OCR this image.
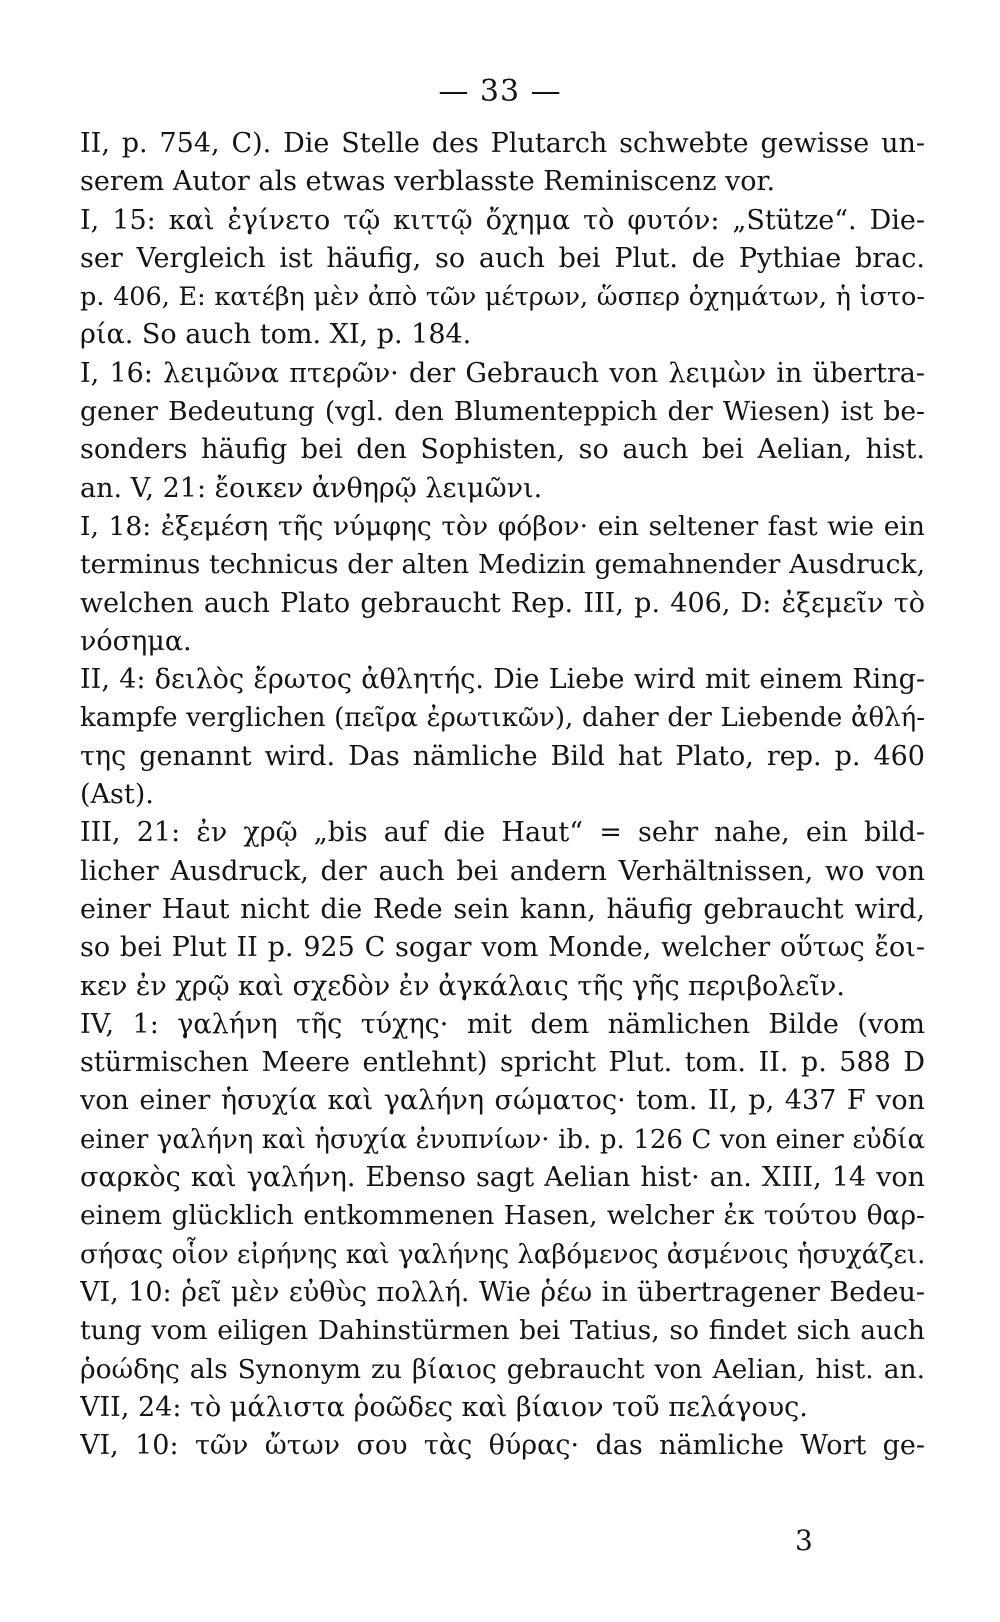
— 33 —
II, p. 754, C). Die Stelle des Plutarch schwebte gewisse un-
serem Autor als etwas verblasste Reminiscenz vor.
I, 15: καὶ ἐγίνετο τῷ κιττῷ ὄχημα τὸ φυτόν: „Stütze“. Die-
ser Vergleich ist häufig, so auch bei Plut. de Pythiae brac.
p. 406, E: κατέβη μὲν ἀπὸ τῶν μέτρων, ὥσπερ ὀχημάτων, ἡ ἱστο-
ρία. So auch tom. XI, p. 184.
I, 16: λειμῶνα πτερῶν· der Gebrauch von λειμὼν in übertra-
gener Bedeutung (vgl. den Blumenteppich der Wiesen) ist be-
sonders häufig bei den Sophisten, so auch bei Aelian, hist.
an. V, 21: ἔοικεν ἀνθηρῷ λειμῶνι.
I, 18: ἐξεμέση τῆς νύμφης τὸν φόβον· ein seltener fast wie ein
terminus technicus der alten Medizin gemahnender Ausdruck,
welchen auch Plato gebraucht Rep. III, p. 406, D: ἐξεμεῖν τὸ
νόσημα.
II, 4: δειλὸς ἔρωτος ἀθλητής. Die Liebe wird mit einem Ring-
kampfe verglichen (πεῖρα ἐρωτικῶν), daher der Liebende ἀθλή-
της genannt wird. Das nämliche Bild hat Plato, rep. p. 460
(Ast).
III, 21: ἐν χρῷ „bis auf die Haut“ = sehr nahe, ein bild-
licher Ausdruck, der auch bei andern Verhältnissen, wo von
einer Haut nicht die Rede sein kann, häufig gebraucht wird,
so bei Plut II p. 925 C sogar vom Monde, welcher οὕτως ἔοι-
κεν ἐν χρῷ καὶ σχεδὸν ἐν ἀγκάλαις τῆς γῆς περιβολεῖν.
IV, 1: γαλήνη τῆς τύχης· mit dem nämlichen Bilde (vom
stürmischen Meere entlehnt) spricht Plut. tom. II. p. 588 D
von einer ἡσυχία καὶ γαλήνη σώματος· tom. II, p, 437 F von
einer γαλήνη καὶ ἡσυχία ἐνυπνίων· ib. p. 126 C von einer εὐδία
σαρκὸς καὶ γαλήνη. Ebenso sagt Aelian hist· an. XIII, 14 von
einem glücklich entkommenen Hasen, welcher ἐκ τούτου θαρ-
σήσας οἷον εἰρήνης καὶ γαλήνης λαβόμενος ἀσμένοις ἡσυχάζει.
VI, 10: ῥεῖ μὲν εὐθὺς πολλή. Wie ῥέω in übertragener Bedeu-
tung vom eiligen Dahinstürmen bei Tatius, so findet sich auch
ῥοώδης als Synonym zu βίαιος gebraucht von Aelian, hist. an.
VII, 24: τὸ μάλιστα ῥοῶδες καὶ βίαιον τοῦ πελάγους.
VI, 10: τῶν ὤτων σου τὰς θύρας· das nämliche Wort ge-
3
